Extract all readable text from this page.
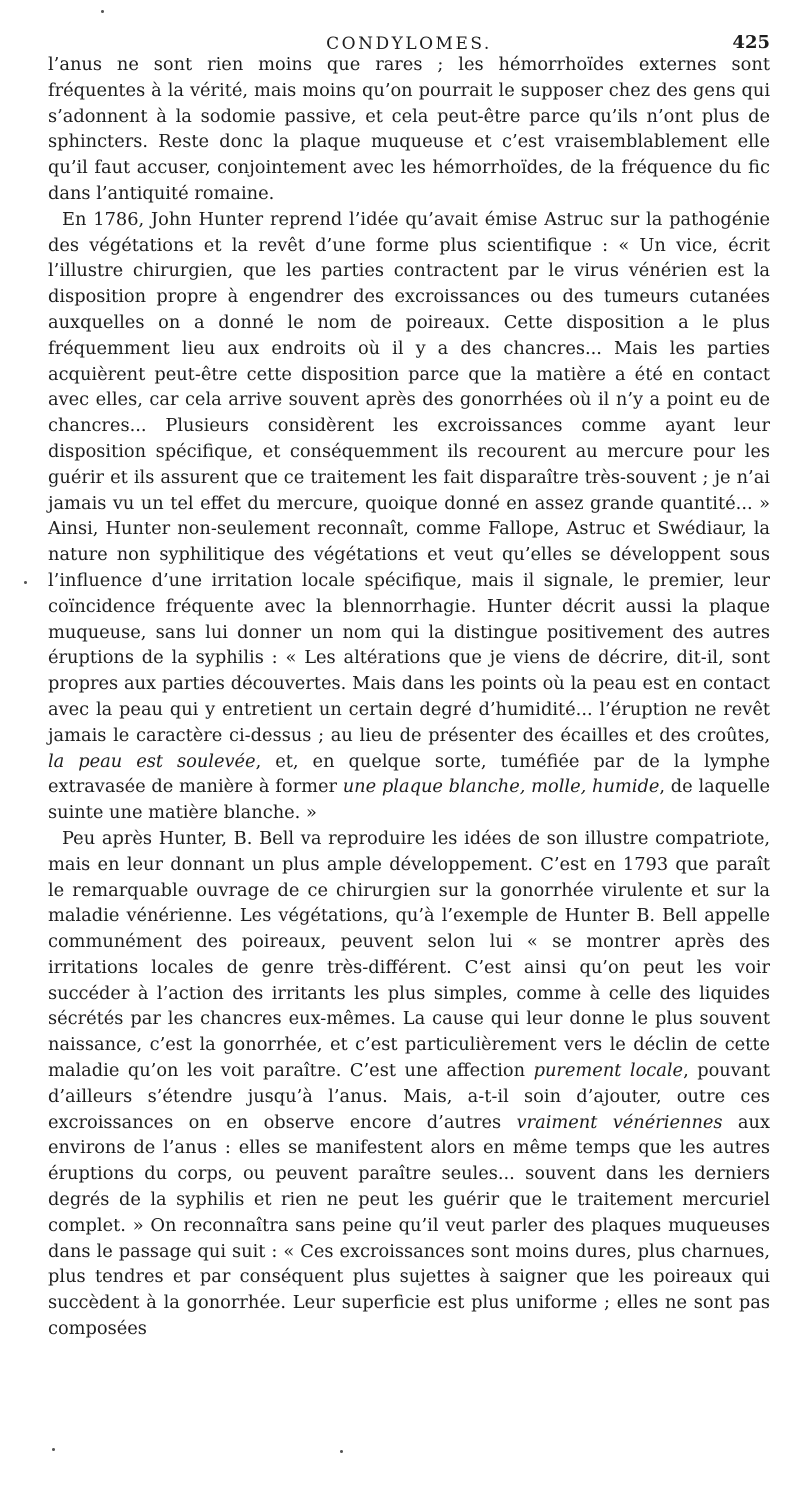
CONDYLOMES.	425

l’anus ne sont rien moins que rares ; les hémorrhoïdes externes sont fréquentes à la vérité, mais moins qu’on pourrait le supposer chez des gens qui s’adonnent à la sodomie passive, et cela peut-être parce qu’ils n’ont plus de sphincters. Reste donc la plaque muqueuse et c’est vraisemblablement elle qu’il faut accuser, conjointement avec les hémorrhoïdes, de la fréquence du fic dans l’antiquité romaine.

En 1786, John Hunter reprend l’idée qu’avait émise Astruc sur la pathogénie des végétations et la revêt d’une forme plus scientifique : « Un vice, écrit l’illustre chirurgien, que les parties contractent par le virus vénérien est la disposition propre à engendrer des excroissances ou des tumeurs cutanées auxquelles on a donné le nom de poireaux. Cette disposition a le plus fréquemment lieu aux endroits où il y a des chancres... Mais les parties acquièrent peut-être cette disposition parce que la matière a été en contact avec elles, car cela arrive souvent après des gonorrhées où il n’y a point eu de chancres... Plusieurs considèrent les excroissances comme ayant leur disposition spécifique, et conséquemment ils recourent au mercure pour les guérir et ils assurent que ce traitement les fait disparaître très-souvent ; je n’ai jamais vu un tel effet du mercure, quoique donné en assez grande quantité... » Ainsi, Hunter non-seulement reconnaît, comme Fallope, Astruc et Swédiaur, la nature non syphilitique des végétations et veut qu’elles se développent sous l’influence d’une irritation locale spécifique, mais il signale, le premier, leur coïncidence fréquente avec la blennorrhagie. Hunter décrit aussi la plaque muqueuse, sans lui donner un nom qui la distingue positivement des autres éruptions de la syphilis : « Les altérations que je viens de décrire, dit-il, sont propres aux parties découvertes. Mais dans les points où la peau est en contact avec la peau qui y entretient un certain degré d’humidité... l’éruption ne revêt jamais le caractère ci-dessus ; au lieu de présenter des écailles et des croûtes, la peau est soulevée, et, en quelque sorte, tuméfiée par de la lymphe extravasée de manière à former une plaque blanche, molle, humide, de laquelle suinte une matière blanche. »

Peu après Hunter, B. Bell va reproduire les idées de son illustre compatriote, mais en leur donnant un plus ample développement. C’est en 1793 que paraît le remarquable ouvrage de ce chirurgien sur la gonorrhée virulente et sur la maladie vénérienne. Les végétations, qu’à l’exemple de Hunter B. Bell appelle communément des poireaux, peuvent selon lui « se montrer après des irritations locales de genre très-différent. C’est ainsi qu’on peut les voir succéder à l’action des irritants les plus simples, comme à celle des liquides sécrétés par les chancres eux-mêmes. La cause qui leur donne le plus souvent naissance, c’est la gonorrhée, et c’est particulièrement vers le déclin de cette maladie qu’on les voit paraître. C’est une affection purement locale, pouvant d’ailleurs s’étendre jusqu’à l’anus. Mais, a-t-il soin d’ajouter, outre ces excroissances on en observe encore d’autres vraiment vénériennes aux environs de l’anus : elles se manifestent alors en même temps que les autres éruptions du corps, ou peuvent paraître seules... souvent dans les derniers degrés de la syphilis et rien ne peut les guérir que le traitement mercuriel complet. » On reconnaîtra sans peine qu’il veut parler des plaques muqueuses dans le passage qui suit : « Ces excroissances sont moins dures, plus charnues, plus tendres et par conséquent plus sujettes à saigner que les poireaux qui succèdent à la gonorrhée. Leur superficie est plus uniforme ; elles ne sont pas composées
